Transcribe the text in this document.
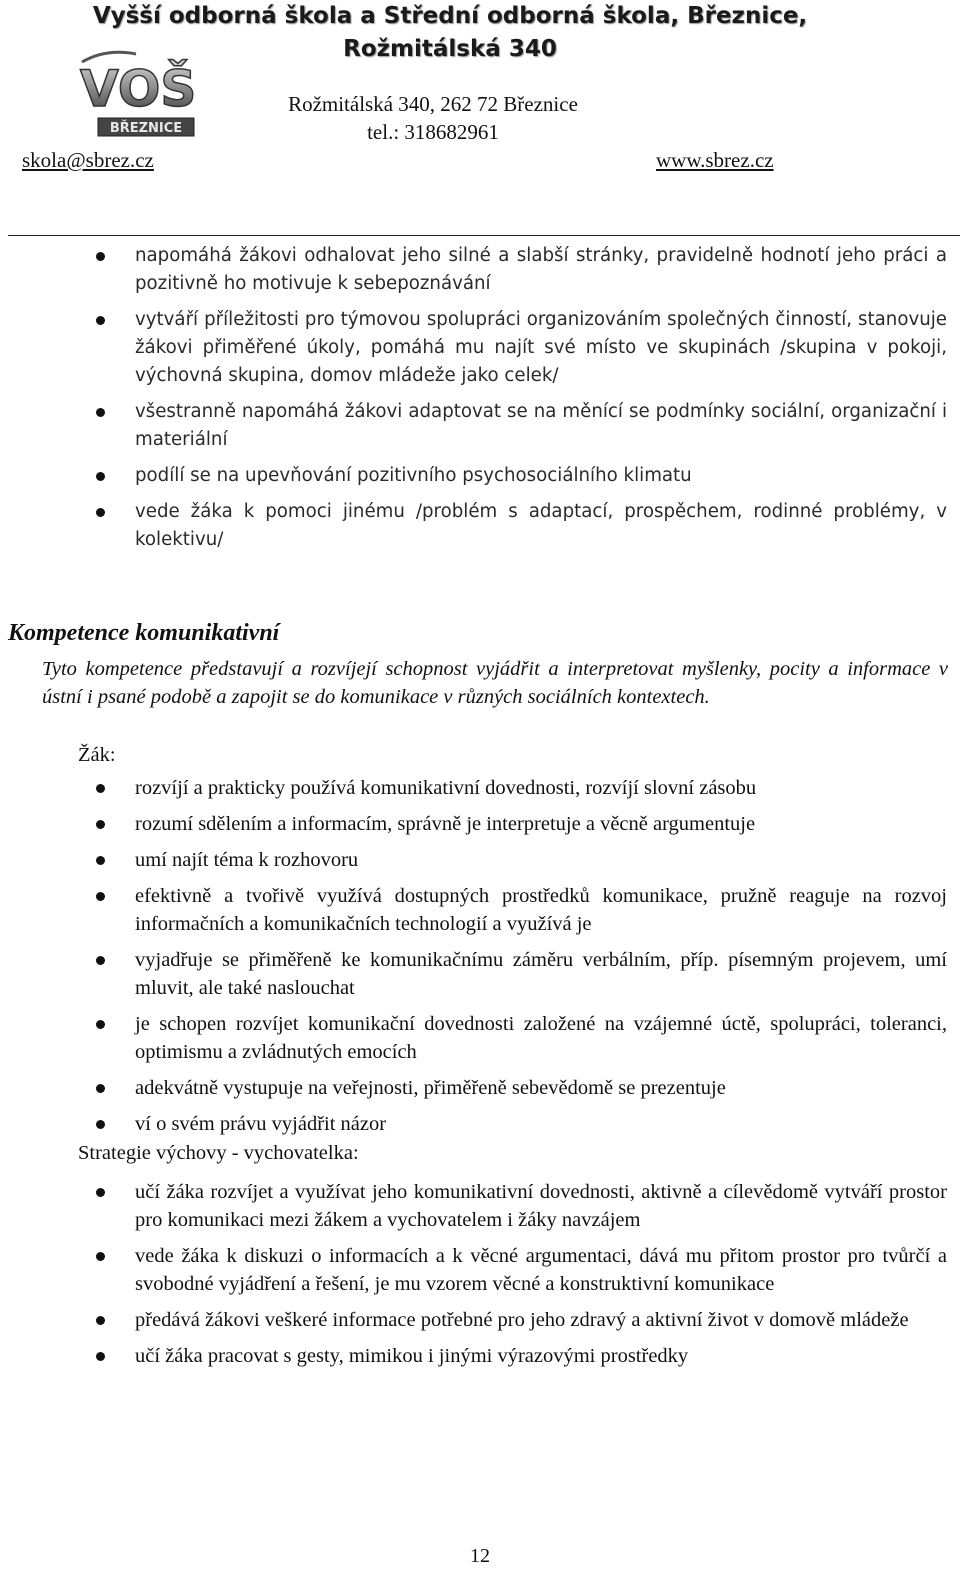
Vyšší odborná škola a Střední odborná škola, Březnice,
Rožmitálská 340
VOŠ
BŘEZNICE
Rožmitálská 340, 262 72 Březnice
tel.: 318682961
skola@sbrez.cz	www.sbrez.cz
napomáhá žákovi odhalovat jeho silné a slabší stránky, pravidelně hodnotí jeho práci a pozitivně ho motivuje k sebepoznávání
vytváří příležitosti pro týmovou spolupráci organizováním společných činností, stanovuje žákovi přiměřené úkoly, pomáhá mu najít své místo ve skupinách /skupina v pokoji, výchovná skupina, domov mládeže jako celek/
všestranně napomáhá žákovi adaptovat se na měnící se podmínky sociální, organizační i materiální
podílí se na upevňování pozitivního psychosociálního klimatu
vede žáka k pomoci jinému /problém s adaptací, prospěchem, rodinné problémy, v kolektivu/
Kompetence komunikativní
Tyto kompetence představují a rozvíjejí schopnost vyjádřit a interpretovat myšlenky, pocity a informace v ústní i psané podobě a zapojit se do komunikace v různých sociálních kontextech.
Žák:
rozvíjí a prakticky používá komunikativní dovednosti, rozvíjí slovní zásobu
rozumí sdělením a informacím, správně je interpretuje a věcně argumentuje
umí najít téma k rozhovoru
efektivně a tvořivě využívá dostupných prostředků komunikace, pružně reaguje na rozvoj informačních a komunikačních technologií a využívá je
vyjadřuje se přiměřeně ke komunikačnímu záměru verbálním, příp. písemným projevem, umí mluvit, ale také naslouchat
je schopen rozvíjet komunikační dovednosti založené na vzájemné úctě, spolupráci, toleranci, optimismu a zvládnutých emocích
adekvátně vystupuje na veřejnosti, přiměřeně sebevědomě se prezentuje
ví o svém právu vyjádřit názor
Strategie výchovy - vychovatelka:
učí žáka rozvíjet a využívat jeho komunikativní dovednosti, aktivně a cílevědomě vytváří prostor pro komunikaci mezi žákem a vychovatelem i žáky navzájem
vede žáka k diskuzi o informacích a k věcné argumentaci, dává mu přitom prostor pro tvůrčí a svobodné vyjádření a řešení, je mu vzorem věcné a konstruktivní komunikace
předává žákovi veškeré informace potřebné pro jeho zdravý a aktivní život v domově mládeže
učí žáka pracovat s gesty, mimikou i jinými výrazovými prostředky
12
